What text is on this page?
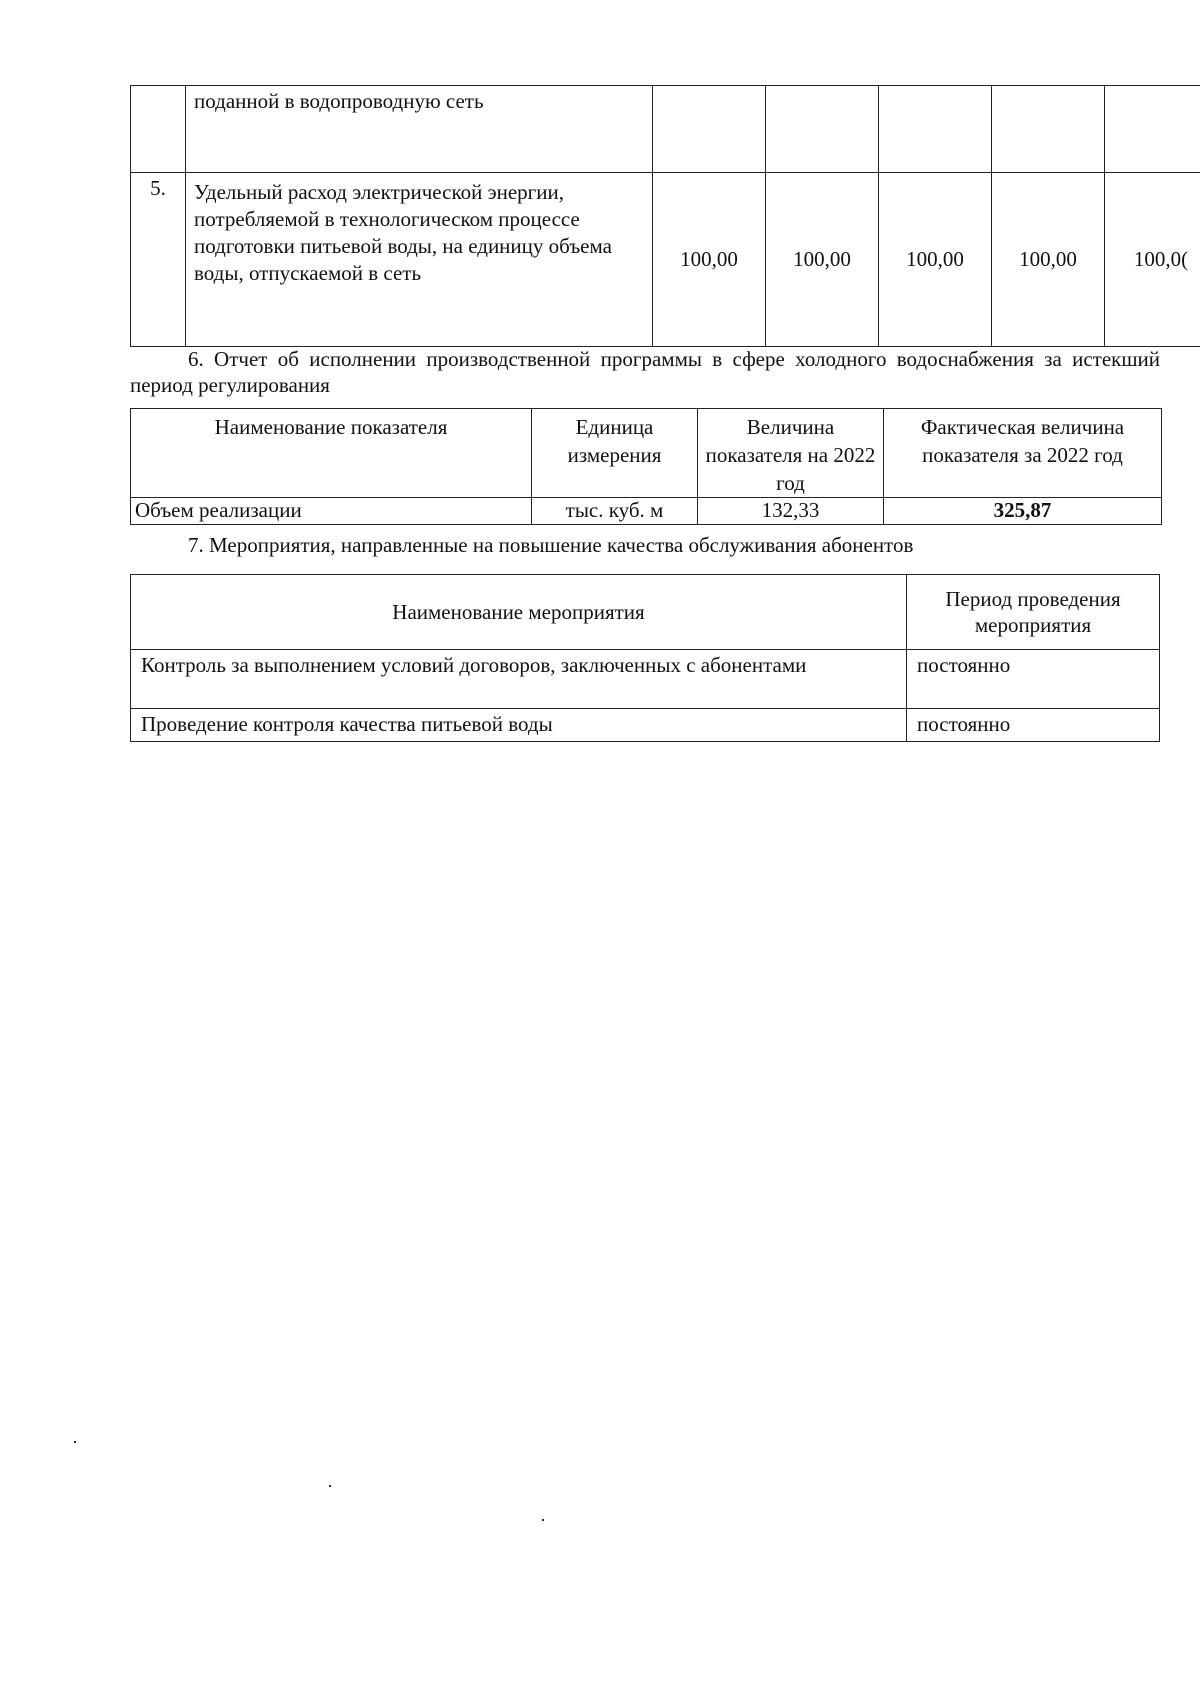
	поданной в водопроводную сеть					
5.	Удельный расход электрической энергии, потребляемой в технологическом процессе подготовки питьевой воды, на единицу объема воды, отпускаемой в сеть	100,00	100,00	100,00	100,00	100,0(
6. Отчет об исполнении производственной программы в сфере холодного водоснабжения за истекший период регулирования
Наименование показателя	Единица измерения	Величина показателя на 2022 год	Фактическая величина показателя за 2022 год
Объем реализации	тыс. куб. м	132,33	325,87
7. Мероприятия, направленные на повышение качества обслуживания абонентов
Наименование мероприятия	Период проведения мероприятия
Контроль за выполнением условий договоров, заключенных с абонентами	постоянно
Проведение контроля качества питьевой воды	постоянно
